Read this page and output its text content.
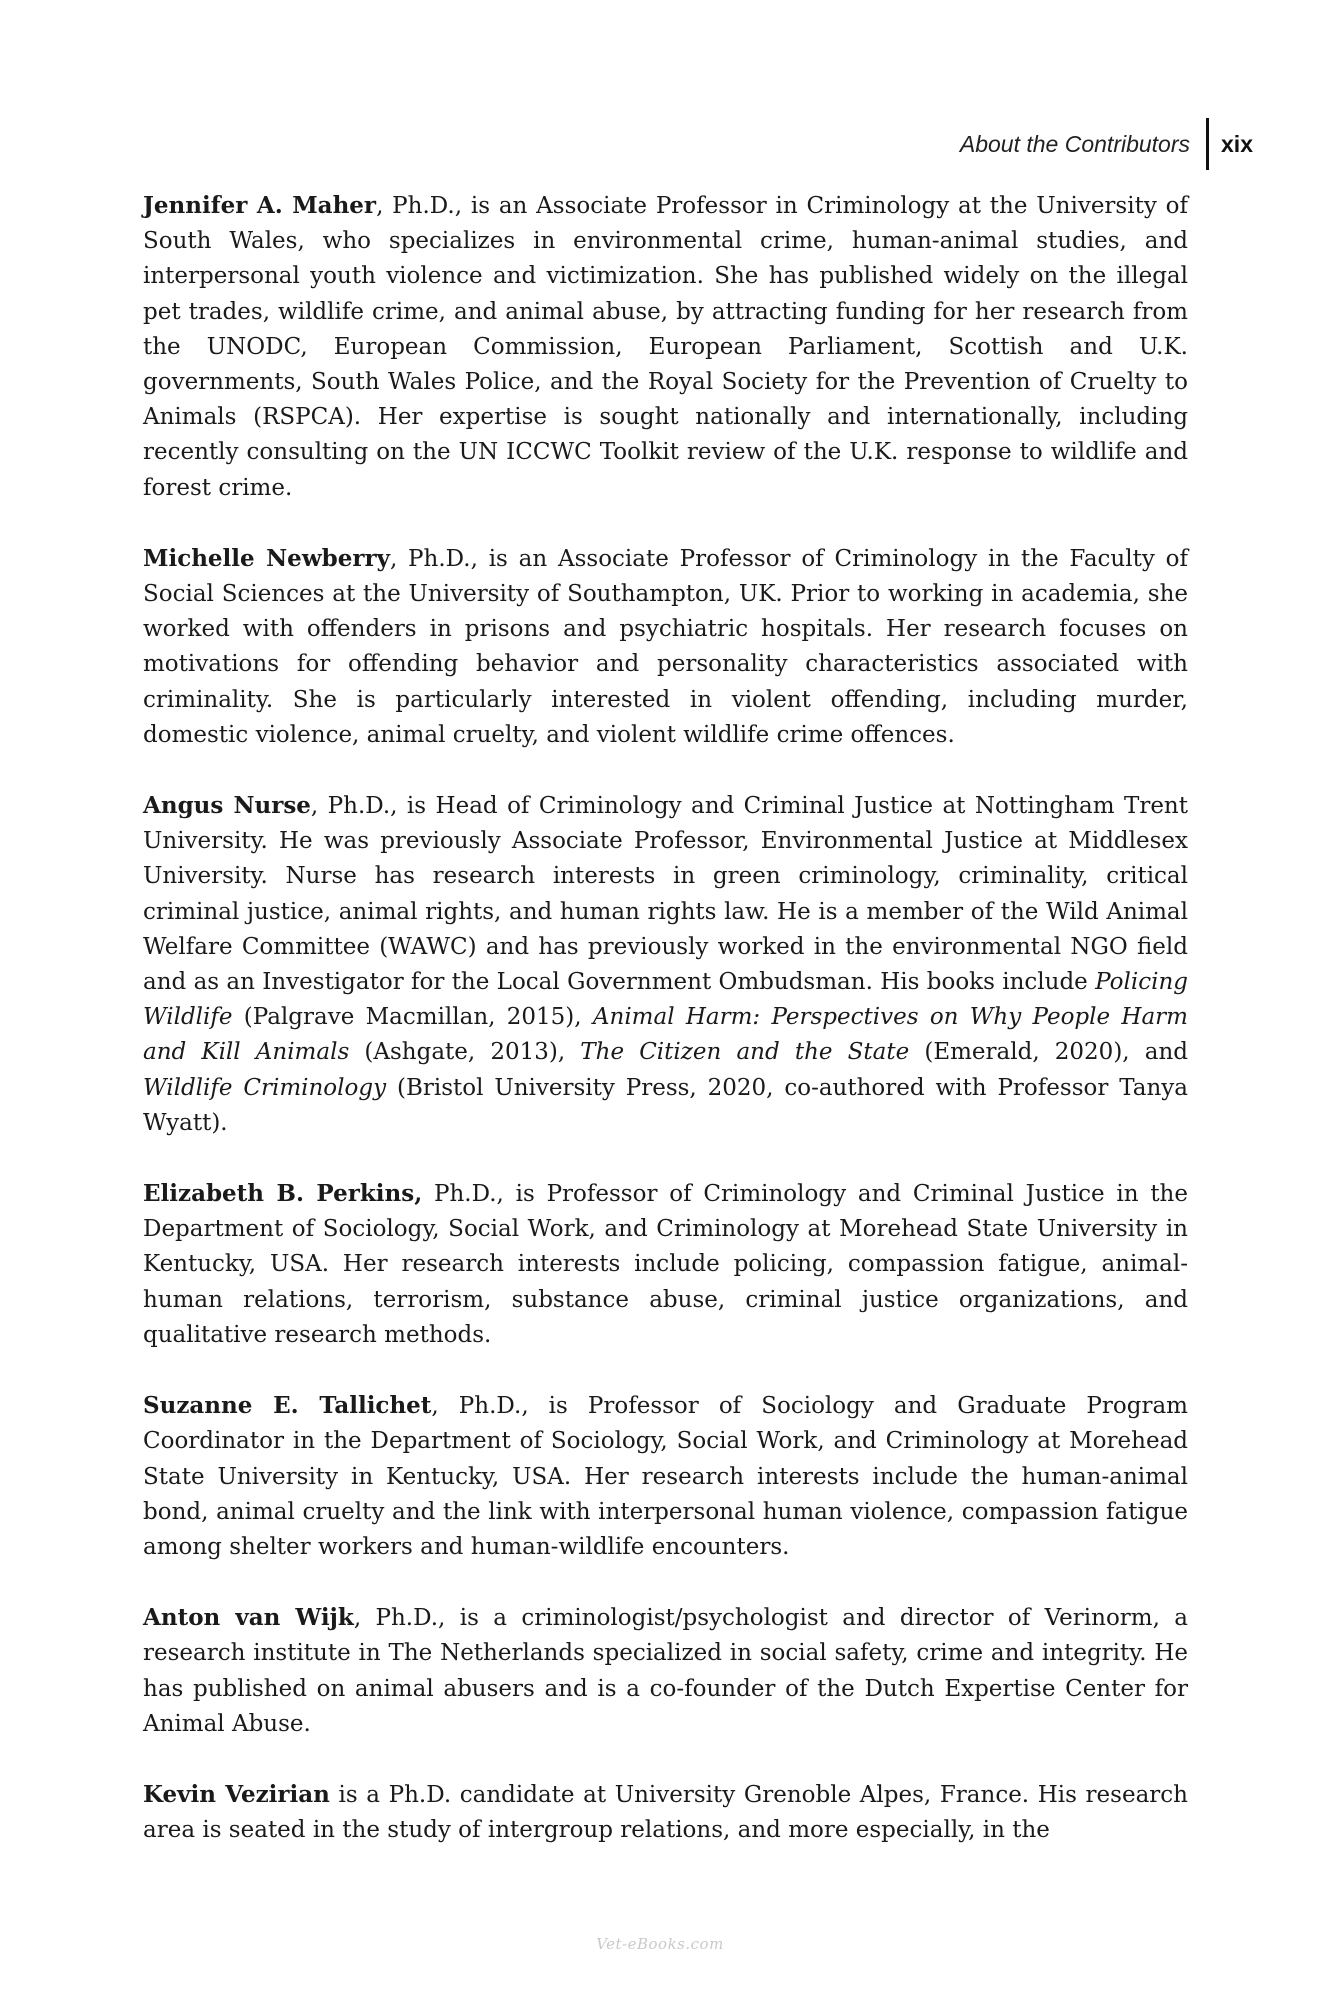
About the Contributors	xix

Jennifer A. Maher, Ph.D., is an Associate Professor in Criminology at the University of South Wales, who specializes in environmental crime, human-animal studies, and interpersonal youth violence and victimization. She has published widely on the illegal pet trades, wildlife crime, and animal abuse, by attracting funding for her research from the UNODC, European Commission, European Parliament, Scottish and U.K. governments, South Wales Police, and the Royal Society for the Prevention of Cruelty to Animals (RSPCA). Her expertise is sought nationally and internationally, including recently consulting on the UN ICCWC Toolkit review of the U.K. response to wildlife and forest crime.

Michelle Newberry, Ph.D., is an Associate Professor of Criminology in the Faculty of Social Sciences at the University of Southampton, UK. Prior to working in academia, she worked with offenders in prisons and psychiatric hospitals. Her research focuses on motivations for offending behavior and personality characteristics associated with criminality. She is particularly interested in violent offending, including murder, domestic violence, animal cruelty, and violent wildlife crime offences.

Angus Nurse, Ph.D., is Head of Criminology and Criminal Justice at Nottingham Trent University. He was previously Associate Professor, Environmental Justice at Middlesex University. Nurse has research interests in green criminology, criminality, critical criminal justice, animal rights, and human rights law. He is a member of the Wild Animal Welfare Committee (WAWC) and has previously worked in the environmental NGO field and as an Investigator for the Local Government Ombudsman. His books include Policing Wildlife (Palgrave Macmillan, 2015), Animal Harm: Perspectives on Why People Harm and Kill Animals (Ashgate, 2013), The Citizen and the State (Emerald, 2020), and Wildlife Criminology (Bristol University Press, 2020, co-authored with Professor Tanya Wyatt).

Elizabeth B. Perkins, Ph.D., is Professor of Criminology and Criminal Justice in the Department of Sociology, Social Work, and Criminology at Morehead State University in Kentucky, USA. Her research interests include policing, compassion fatigue, animal-human relations, terrorism, substance abuse, criminal justice organizations, and qualitative research methods.

Suzanne E. Tallichet, Ph.D., is Professor of Sociology and Graduate Program Coordinator in the Department of Sociology, Social Work, and Criminology at Morehead State University in Kentucky, USA. Her research interests include the human-animal bond, animal cruelty and the link with interpersonal human violence, compassion fatigue among shelter workers and human-wildlife encounters.

Anton van Wijk, Ph.D., is a criminologist/psychologist and director of Verinorm, a research institute in The Netherlands specialized in social safety, crime and integrity. He has published on animal abusers and is a co-founder of the Dutch Expertise Center for Animal Abuse.

Kevin Vezirian is a Ph.D. candidate at University Grenoble Alpes, France. His research area is seated in the study of intergroup relations, and more especially, in the

Vet-eBooks.com
